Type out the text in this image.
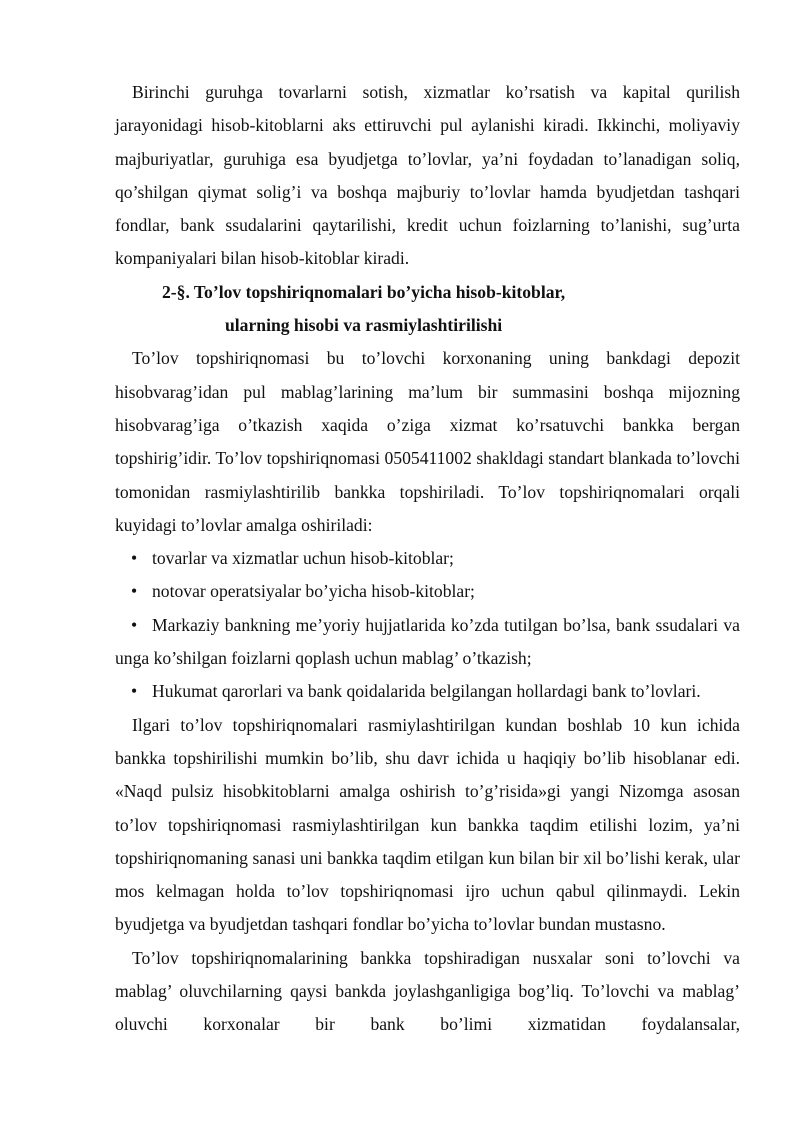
Birinchi guruhga tovarlarni sotish, xizmatlar ko’rsatish va kapital qurilish jarayonidagi hisob-kitoblarni aks ettiruvchi pul aylanishi kiradi. Ikkinchi, moliyaviy majburiyatlar, guruhiga esa byudjetga to’lovlar, ya’ni foydadan to’lanadigan soliq, qo’shilgan qiymat solig’i va boshqa majburiy to’lovlar hamda byudjetdan tashqari fondlar, bank ssudalarini qaytarilishi, kredit uchun foizlarning to’lanishi, sug’urta kompaniyalari bilan hisob-kitoblar kiradi.

2-§. To’lov topshiriqnomalari bo’yicha hisob-kitoblar,
ularning hisobi va rasmiylashtirilishi

To’lov topshiriqnomasi bu to’lovchi korxonaning uning bankdagi depozit hisobvarag’idan pul mablag’larining ma’lum bir summasini boshqa mijozning hisobvarag’iga o’tkazish xaqida o’ziga xizmat ko’rsatuvchi bankka bergan topshirig’idir. To’lov topshiriqnomasi 0505411002 shakldagi standart blankada to’lovchi tomonidan rasmiylashtirilib bankka topshiriladi. To’lov topshiriqnomalari orqali kuyidagi to’lovlar amalga oshiriladi:

• tovarlar va xizmatlar uchun hisob-kitoblar;
• notovar operatsiyalar bo’yicha hisob-kitoblar;
• Markaziy bankning me’yoriy hujjatlarida ko’zda tutilgan bo’lsa, bank ssudalari va unga ko’shilgan foizlarni qoplash uchun mablag’ o’tkazish;
• Hukumat qarorlari va bank qoidalarida belgilangan hollardagi bank to’lovlari.

Ilgari to’lov topshiriqnomalari rasmiylashtirilgan kundan boshlab 10 kun ichida bankka topshirilishi mumkin bo’lib, shu davr ichida u haqiqiy bo’lib hisoblanar edi. «Naqd pulsiz hisobkitoblarni amalga oshirish to’g’risida»gi yangi Nizomga asosan to’lov topshiriqnomasi rasmiylashtirilgan kun bankka taqdim etilishi lozim, ya’ni topshiriqnomaning sanasi uni bankka taqdim etilgan kun bilan bir xil bo’lishi kerak, ular mos kelmagan holda to’lov topshiriqnomasi ijro uchun qabul qilinmaydi. Lekin byudjetga va byudjetdan tashqari fondlar bo’yicha to’lovlar bundan mustasno.

To’lov topshiriqnomalarining bankka topshiradigan nusxalar soni to’lovchi va mablag’ oluvchilarning qaysi bankda joylashganligiga bog’liq. To’lovchi va mablag’ oluvchi korxonalar bir bank bo’limi xizmatidan foydalansalar,
